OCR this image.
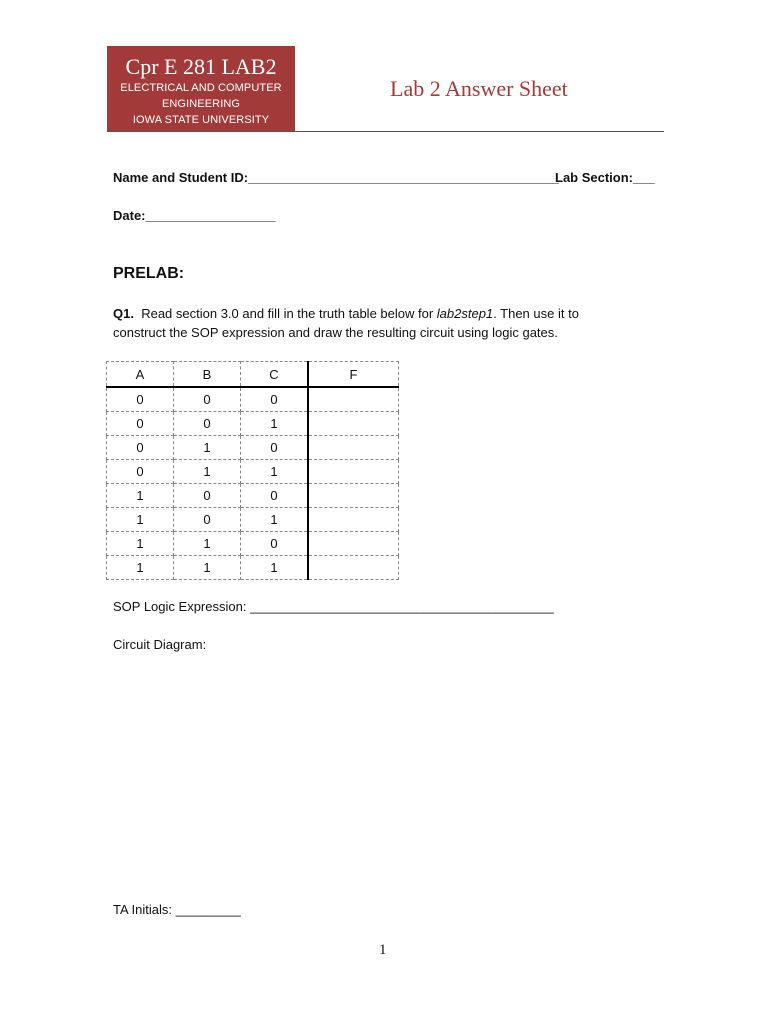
Cpr E 281 LAB2
ELECTRICAL AND COMPUTER
ENGINEERING
IOWA STATE UNIVERSITY
Lab 2 Answer Sheet
Name and Student ID:___________________________________________
Lab Section:___
Date:__________________
PRELAB:
Q1. Read section 3.0 and fill in the truth table below for lab2step1. Then use it to
construct the SOP expression and draw the resulting circuit using logic gates.
A	B	C	F
0	0	0	
0	0	1	
0	1	0	
0	1	1	
1	0	0	
1	0	1	
1	1	0	
1	1	1	
SOP Logic Expression: __________________________________________
Circuit Diagram:
TA Initials: _________
1
